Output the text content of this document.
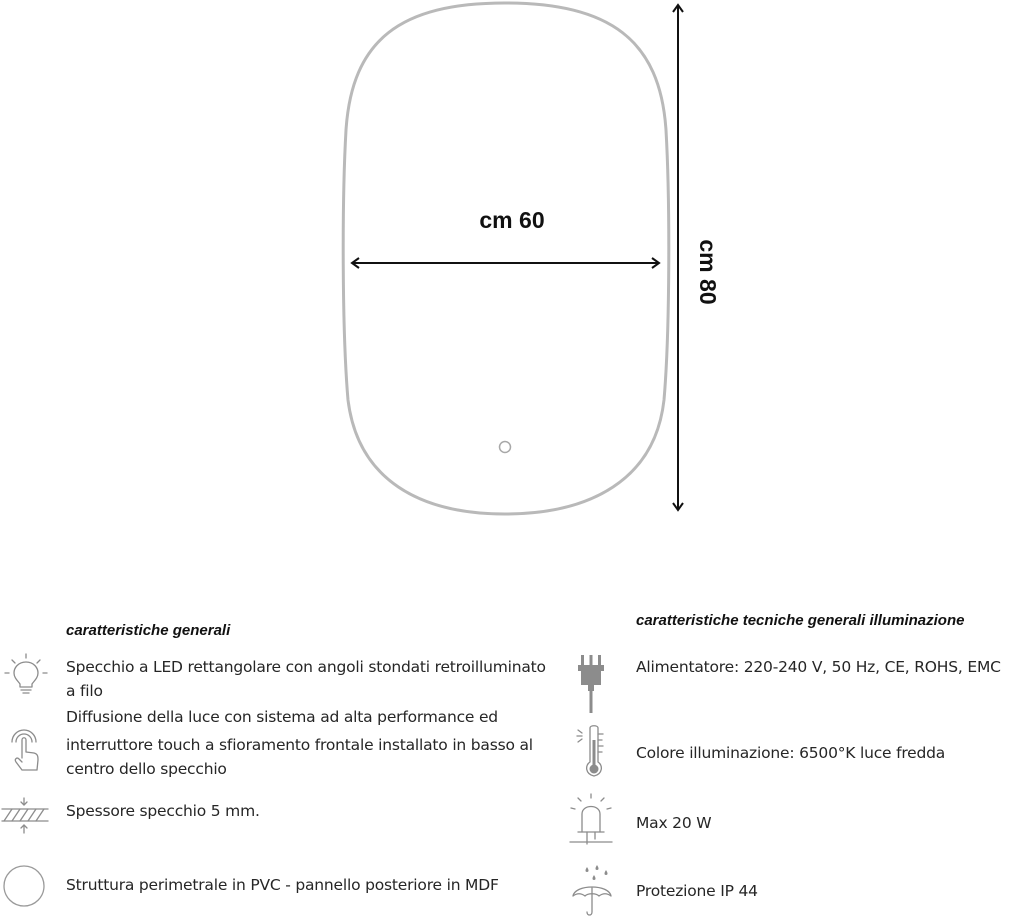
cm 60
cm 80

caratteristiche generali

Specchio a LED rettangolare con angoli stondati retroilluminato a filo

Diffusione della luce con sistema ad alta performance ed

interruttore touch a sfioramento frontale installato in basso al centro dello specchio

Spessore specchio 5 mm.

Struttura perimetrale in PVC - pannello posteriore in MDF

caratteristiche tecniche generali illuminazione

Alimentatore: 220-240 V, 50 Hz, CE, ROHS, EMC

Colore illuminazione: 6500°K luce fredda

Max 20 W

Protezione IP 44
